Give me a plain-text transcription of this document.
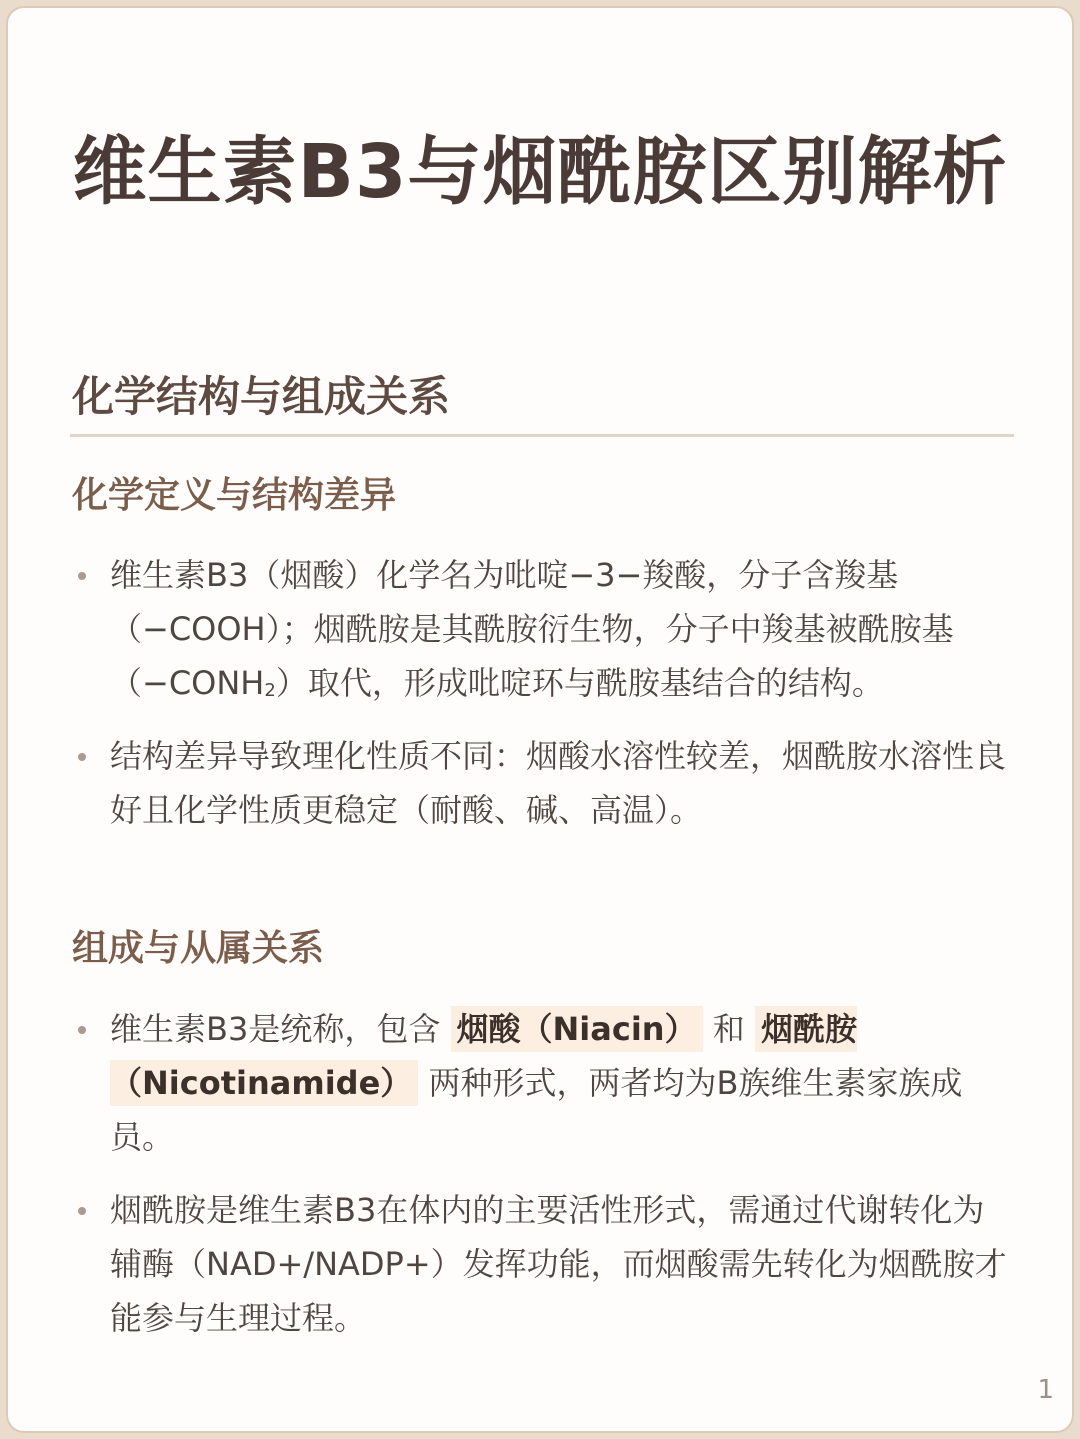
维生素B3与烟酰胺区别解析
化学结构与组成关系
化学定义与结构差异
维生素B3（烟酸）化学名为吡啶−3−羧酸，分子含羧基（−COOH）；烟酰胺是其酰胺衍生物，分子中羧基被酰胺基$(-CONH_2)$取代，形成吡啶环与酰胺基结合的结构。
结构差异导致理化性质不同：烟酸水溶性较差，烟酰胺水溶性良好且化学性质更稳定（耐酸、碱、高温）。
组成与从属关系
维生素B3是统称，包含 烟酸（Niacin） 和 烟酰胺（Nicotinamide） 两种形式，两者均为B族维生素家族成员。
烟酰胺是维生素B3在体内的主要活性形式，需通过代谢转化为辅酶（NAD+/NADP+）发挥功能，而烟酸需先转化为烟酰胺才能参与生理过程。
1
